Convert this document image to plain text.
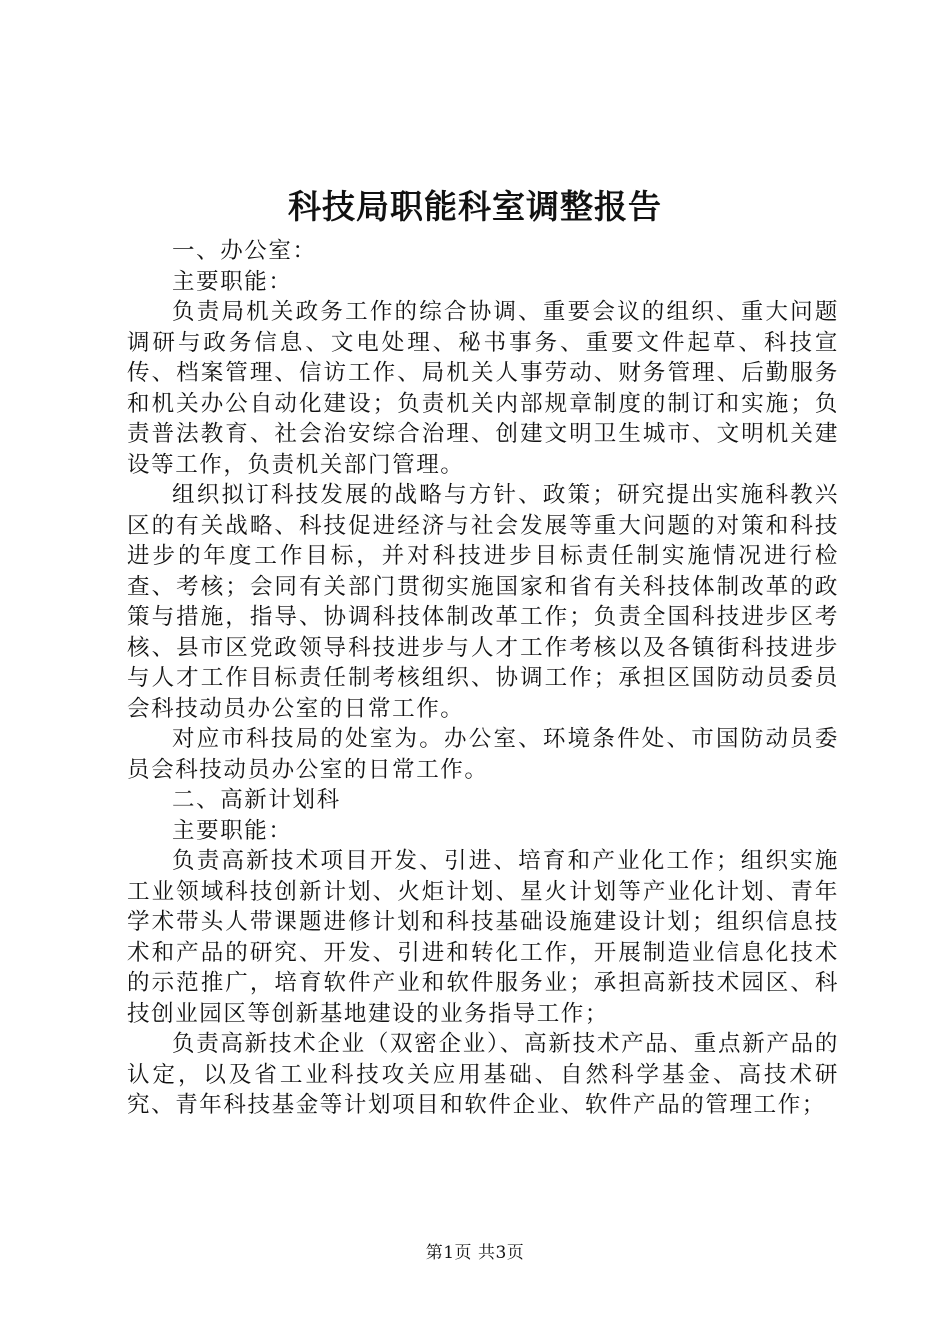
科技局职能科室调整报告

一、办公室：

主要职能：

负责局机关政务工作的综合协调、重要会议的组织、重大问题调研与政务信息、文电处理、秘书事务、重要文件起草、科技宣传、档案管理、信访工作、局机关人事劳动、财务管理、后勤服务和机关办公自动化建设；负责机关内部规章制度的制订和实施；负责普法教育、社会治安综合治理、创建文明卫生城市、文明机关建设等工作，负责机关部门管理。

组织拟订科技发展的战略与方针、政策；研究提出实施科教兴区的有关战略、科技促进经济与社会发展等重大问题的对策和科技进步的年度工作目标，并对科技进步目标责任制实施情况进行检查、考核；会同有关部门贯彻实施国家和省有关科技体制改革的政策与措施，指导、协调科技体制改革工作；负责全国科技进步区考核、县市区党政领导科技进步与人才工作考核以及各镇街科技进步与人才工作目标责任制考核组织、协调工作；承担区国防动员委员会科技动员办公室的日常工作。

对应市科技局的处室为。办公室、环境条件处、市国防动员委员会科技动员办公室的日常工作。

二、高新计划科

主要职能：

负责高新技术项目开发、引进、培育和产业化工作；组织实施工业领域科技创新计划、火炬计划、星火计划等产业化计划、青年学术带头人带课题进修计划和科技基础设施建设计划；组织信息技术和产品的研究、开发、引进和转化工作，开展制造业信息化技术的示范推广，培育软件产业和软件服务业；承担高新技术园区、科技创业园区等创新基地建设的业务指导工作；

负责高新技术企业（双密企业）、高新技术产品、重点新产品的认定，以及省工业科技攻关应用基础、自然科学基金、高技术研究、青年科技基金等计划项目和软件企业、软件产品的管理工作；

第1页 共3页
